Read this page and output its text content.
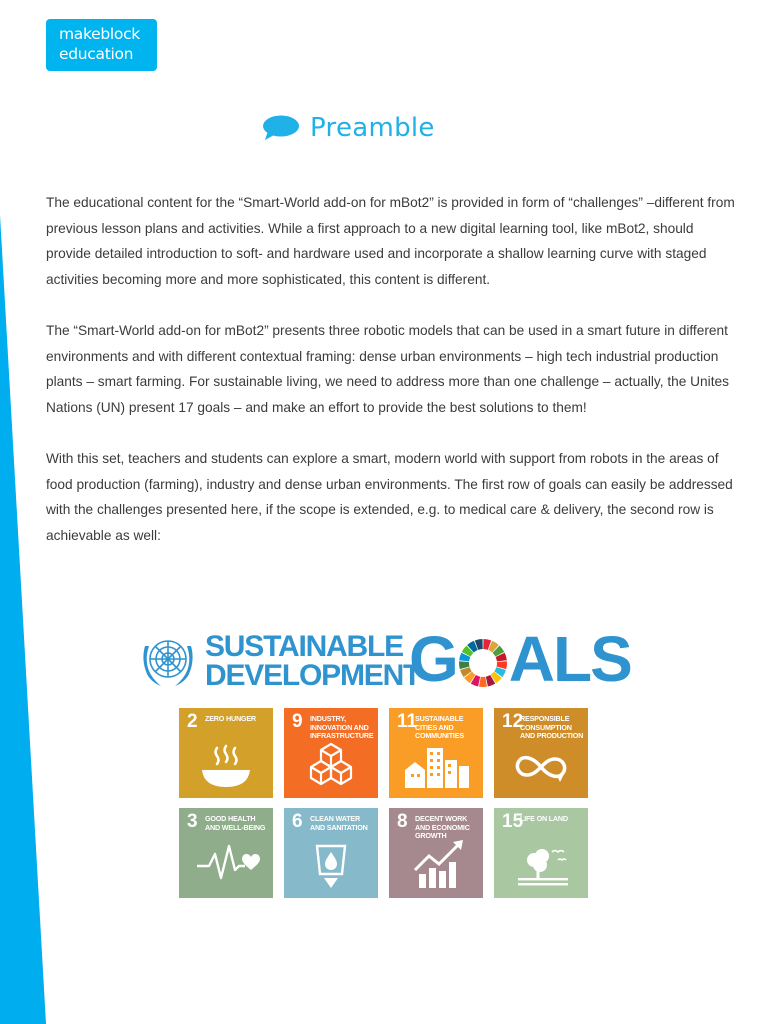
makeblock
education
Preamble

The educational content for the “Smart-World add-on for mBot2” is provided in form of “challenges” –different from previous lesson plans and activities. While a first approach to a new digital learning tool, like mBot2, should provide detailed introduction to soft- and hardware used and incorporate a shallow learning curve with staged activities becoming more and more sophisticated, this content is different.

The “Smart-World add-on for mBot2” presents three robotic models that can be used in a smart future in different environments and with different contextual framing: dense urban environments – high tech industrial production plants – smart farming. For sustainable living, we need to address more than one challenge – actually, the Unites Nations (UN) present 17 goals – and make an effort to provide the best solutions to them!

With this set, teachers and students can explore a smart, modern world with support from robots in the areas of food production (farming), industry and dense urban environments. The first row of goals can easily be addressed with the challenges presented here, if the scope is extended, e.g. to medical care & delivery, the second row is achievable as well:

SUSTAINABLE
DEVELOPMENT
G ALS
2 ZERO HUNGER	9 INDUSTRY, INNOVATION AND INFRASTRUCTURE
11
SUSTAINABLE CITIES AND COMMUNITIES
12
RESPONSIBLE CONSUMPTION AND PRODUCTION
3 GOOD HEALTH AND WELL-BEING	6 CLEAN WATER AND SANITATION	8 DECENT WORK AND ECONOMIC GROWTH
15
LIFE ON LAND
